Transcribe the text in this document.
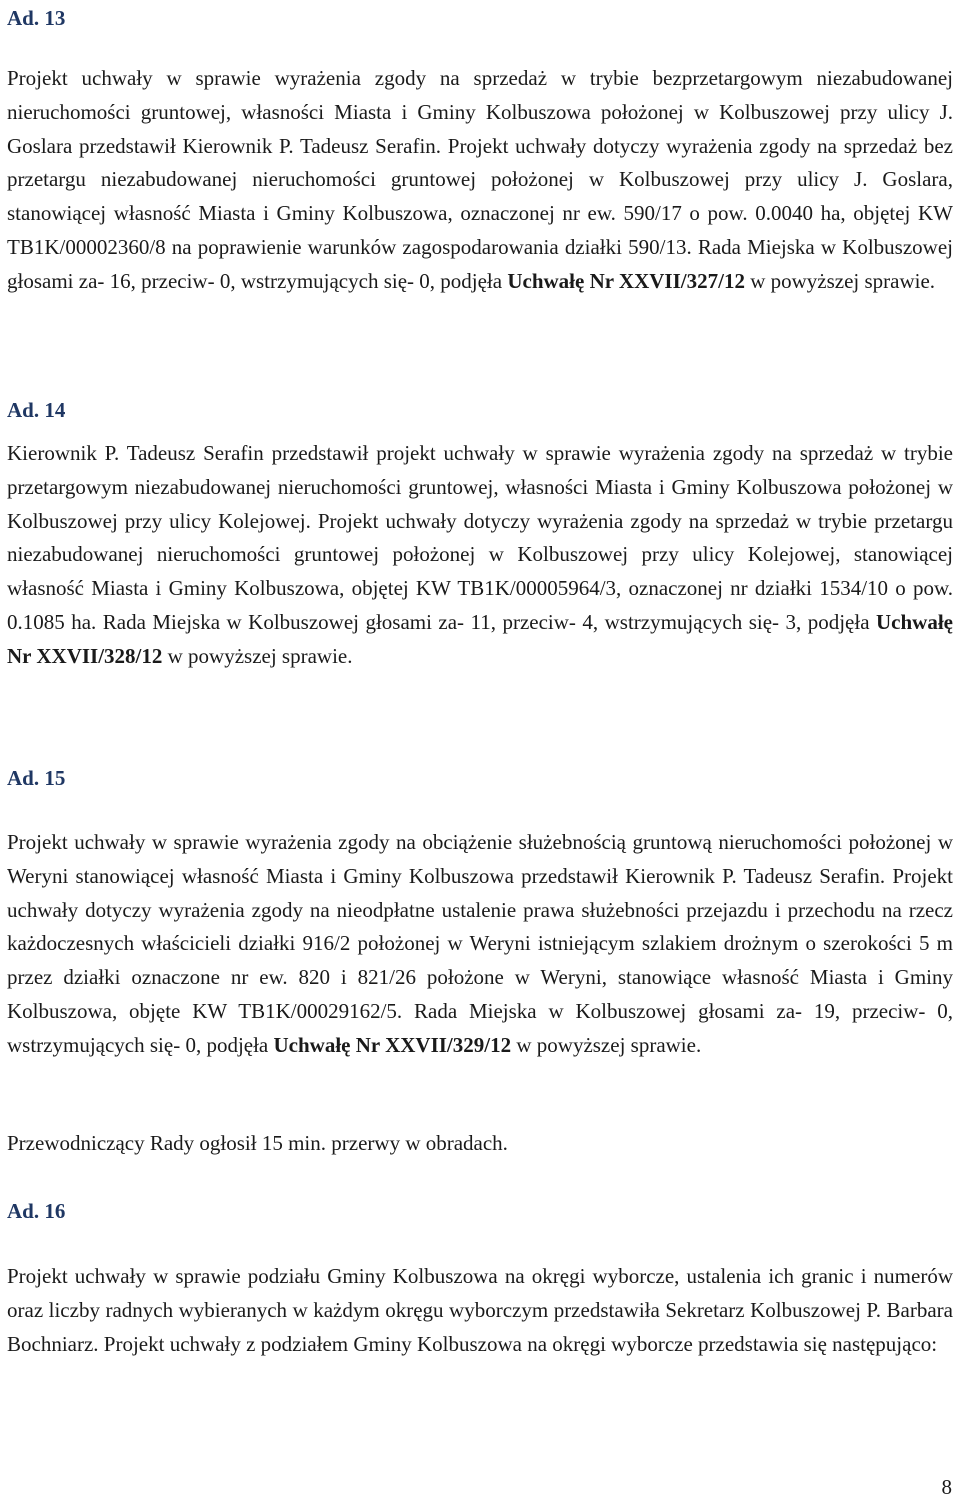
Ad. 13

Projekt uchwały w sprawie wyrażenia zgody na sprzedaż w trybie bezprzetargowym niezabudowanej nieruchomości gruntowej, własności Miasta i Gminy Kolbuszowa położonej w Kolbuszowej przy ulicy J. Goslara przedstawił Kierownik P. Tadeusz Serafin. Projekt uchwały dotyczy wyrażenia zgody na sprzedaż bez przetargu niezabudowanej nieruchomości gruntowej położonej w Kolbuszowej przy ulicy J. Goslara, stanowiącej własność Miasta i Gminy Kolbuszowa, oznaczonej nr ew. 590/17 o pow. 0.0040 ha, objętej KW TB1K/00002360/8 na poprawienie warunków zagospodarowania działki 590/13. Rada Miejska w Kolbuszowej głosami za- 16, przeciw- 0, wstrzymujących się- 0, podjęła Uchwałę Nr XXVII/327/12 w powyższej sprawie.

Ad. 14

Kierownik P. Tadeusz Serafin przedstawił projekt uchwały w sprawie wyrażenia zgody na sprzedaż w trybie przetargowym niezabudowanej nieruchomości gruntowej, własności Miasta i Gminy Kolbuszowa położonej w Kolbuszowej przy ulicy Kolejowej. Projekt uchwały dotyczy wyrażenia zgody na sprzedaż w trybie przetargu niezabudowanej nieruchomości gruntowej położonej w Kolbuszowej przy ulicy Kolejowej, stanowiącej własność Miasta i Gminy Kolbuszowa, objętej KW TB1K/00005964/3, oznaczonej nr działki 1534/10 o pow. 0.1085 ha. Rada Miejska w Kolbuszowej głosami za- 11, przeciw- 4, wstrzymujących się- 3, podjęła Uchwałę Nr XXVII/328/12 w powyższej sprawie.

Ad. 15

Projekt uchwały w sprawie wyrażenia zgody na obciążenie służebnością gruntową nieruchomości położonej w Weryni stanowiącej własność Miasta i Gminy Kolbuszowa przedstawił Kierownik P. Tadeusz Serafin. Projekt uchwały dotyczy wyrażenia zgody na nieodpłatne ustalenie prawa służebności przejazdu i przechodu na rzecz każdoczesnych właścicieli działki 916/2 położonej w Weryni istniejącym szlakiem drożnym o szerokości 5 m przez działki oznaczone nr ew. 820 i 821/26 położone w Weryni, stanowiące własność Miasta i Gminy Kolbuszowa, objęte KW TB1K/00029162/5. Rada Miejska w Kolbuszowej głosami za- 19, przeciw- 0, wstrzymujących się- 0, podjęła Uchwałę Nr XXVII/329/12 w powyższej sprawie.

Przewodniczący Rady ogłosił 15 min. przerwy w obradach.

Ad. 16

Projekt uchwały w sprawie podziału Gminy Kolbuszowa na okręgi wyborcze, ustalenia ich granic i numerów oraz liczby radnych wybieranych w każdym okręgu wyborczym przedstawiła Sekretarz Kolbuszowej P. Barbara Bochniarz. Projekt uchwały z podziałem Gminy Kolbuszowa na okręgi wyborcze przedstawia się następująco:

8
